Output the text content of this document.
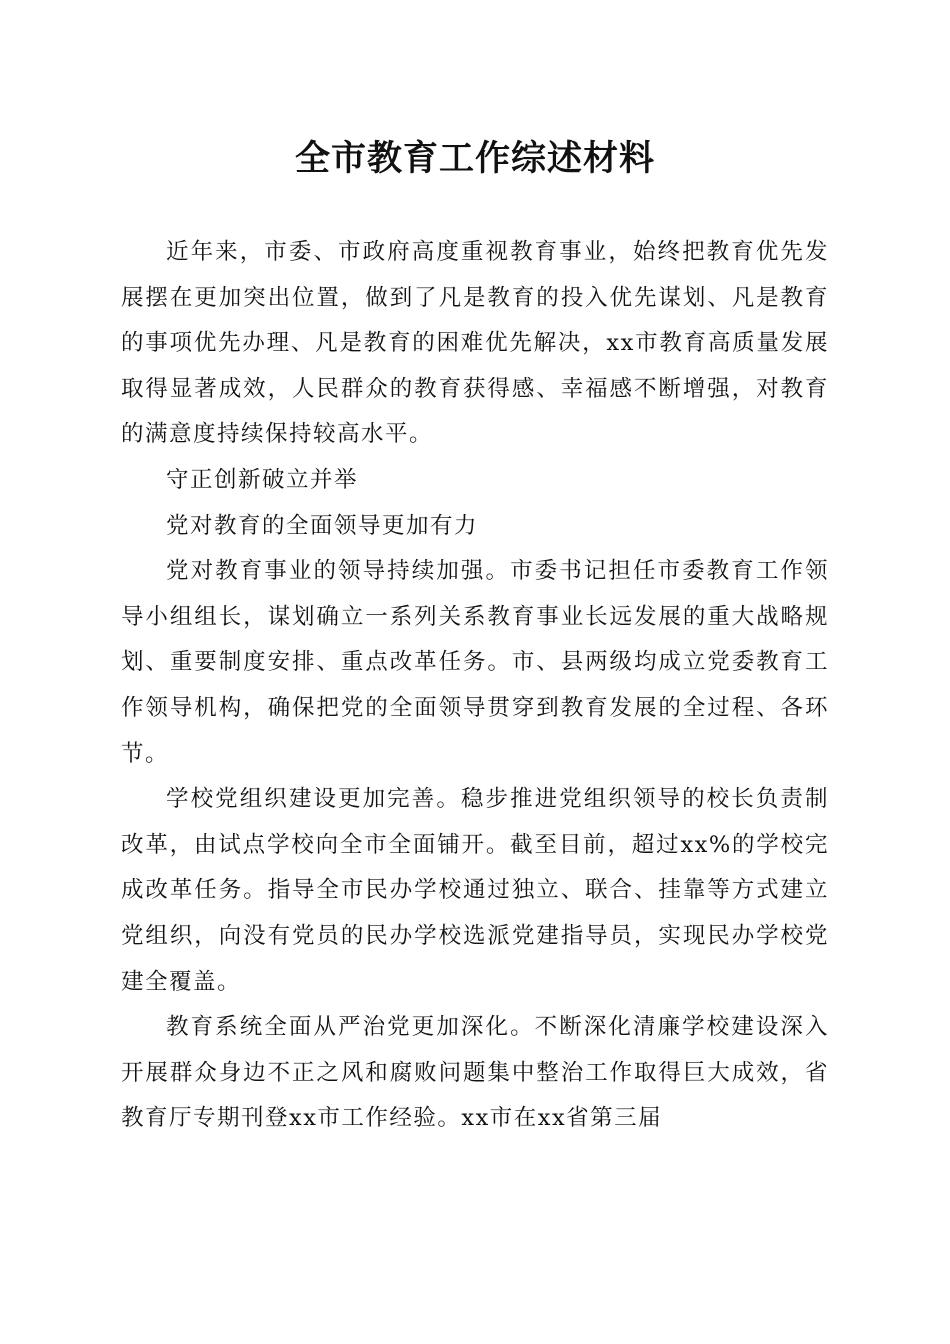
全市教育工作综述材料

近年来，市委、市政府高度重视教育事业，始终把教育优先发展摆在更加突出位置，做到了凡是教育的投入优先谋划、凡是教育的事项优先办理、凡是教育的困难优先解决，xx市教育高质量发展取得显著成效，人民群众的教育获得感、幸福感不断增强，对教育的满意度持续保持较高水平。

守正创新破立并举

党对教育的全面领导更加有力

党对教育事业的领导持续加强。市委书记担任市委教育工作领导小组组长，谋划确立一系列关系教育事业长远发展的重大战略规划、重要制度安排、重点改革任务。市、县两级均成立党委教育工作领导机构，确保把党的全面领导贯穿到教育发展的全过程、各环节。

学校党组织建设更加完善。稳步推进党组织领导的校长负责制改革，由试点学校向全市全面铺开。截至目前，超过xx%的学校完成改革任务。指导全市民办学校通过独立、联合、挂靠等方式建立党组织，向没有党员的民办学校选派党建指导员，实现民办学校党建全覆盖。

教育系统全面从严治党更加深化。不断深化清廉学校建设深入开展群众身边不正之风和腐败问题集中整治工作取得巨大成效，省教育厅专期刊登xx市工作经验。xx市在xx省第三届
